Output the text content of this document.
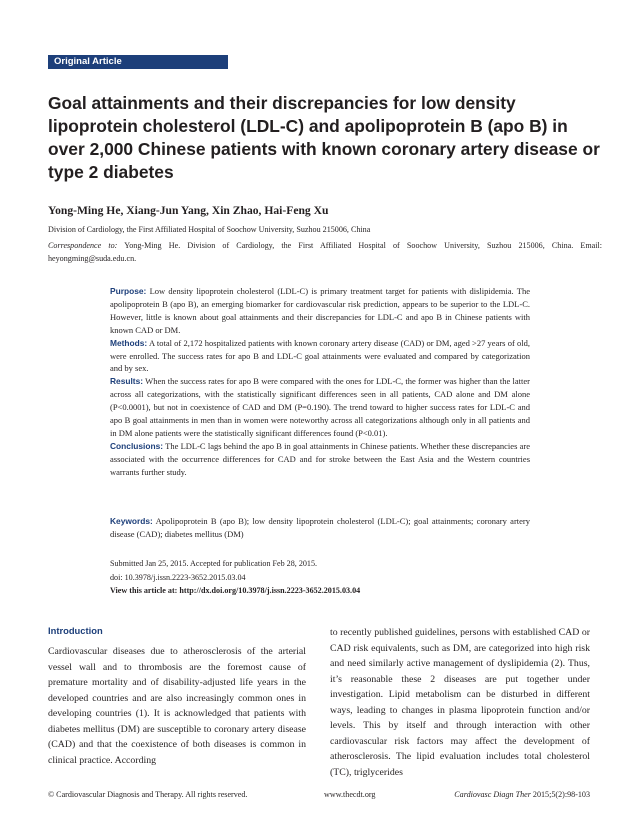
Original Article
Goal attainments and their discrepancies for low density lipoprotein cholesterol (LDL-C) and apolipoprotein B (apo B) in over 2,000 Chinese patients with known coronary artery disease or type 2 diabetes

Yong-Ming He, Xiang-Jun Yang, Xin Zhao, Hai-Feng Xu

Division of Cardiology, the First Affiliated Hospital of Soochow University, Suzhou 215006, China

Correspondence to: Yong-Ming He. Division of Cardiology, the First Affiliated Hospital of Soochow University, Suzhou 215006, China. Email: heyongming@suda.edu.cn.

Purpose: Low density lipoprotein cholesterol (LDL-C) is primary treatment target for patients with dislipidemia. The apolipoprotein B (apo B), an emerging biomarker for cardiovascular risk prediction, appears to be superior to the LDL-C. However, little is known about goal attainments and their discrepancies for LDL-C and apo B in Chinese patients with known CAD or DM.

Methods: A total of 2,172 hospitalized patients with known coronary artery disease (CAD) or DM, aged >27 years of old, were enrolled. The success rates for apo B and LDL-C goal attainments were evaluated and compared by categorization and by sex.

Results: When the success rates for apo B were compared with the ones for LDL-C, the former was higher than the latter across all categorizations, with the statistically significant differences seen in all patients, CAD alone and DM alone (P<0.0001), but not in coexistence of CAD and DM (P=0.190). The trend toward to higher success rates for LDL-C and apo B goal attainments in men than in women were noteworthy across all categorizations although only in all patients and in DM alone patients were the statistically significant differences found (P<0.01).

Conclusions: The LDL-C lags behind the apo B in goal attainments in Chinese patients. Whether these discrepancies are associated with the occurrence differences for CAD and for stroke between the East Asia and the Western countries warrants further study.

Keywords: Apolipoprotein B (apo B); low density lipoprotein cholesterol (LDL-C); goal attainments; coronary artery disease (CAD); diabetes mellitus (DM)

Submitted Jan 25, 2015. Accepted for publication Feb 28, 2015.
doi: 10.3978/j.issn.2223-3652.2015.03.04
View this article at: http://dx.doi.org/10.3978/j.issn.2223-3652.2015.03.04
Introduction

Cardiovascular diseases due to atherosclerosis of the arterial vessel wall and to thrombosis are the foremost cause of premature mortality and of disability-adjusted life years in the developed countries and are also increasingly common ones in developing countries (1). It is acknowledged that patients with diabetes mellitus (DM) are susceptible to coronary artery disease (CAD) and that the coexistence of both diseases is common in clinical practice. According

to recently published guidelines, persons with established CAD or CAD risk equivalents, such as DM, are categorized into high risk and need similarly active management of dyslipidemia (2). Thus, it’s reasonable these 2 diseases are put together under investigation. Lipid metabolism can be disturbed in different ways, leading to changes in plasma lipoprotein function and/or levels. This by itself and through interaction with other cardiovascular risk factors may affect the development of atherosclerosis. The lipid evaluation includes total cholesterol (TC), triglycerides

© Cardiovascular Diagnosis and Therapy. All rights reserved.	www.thecdt.org	Cardiovasc Diagn Ther 2015;5(2):98-103
